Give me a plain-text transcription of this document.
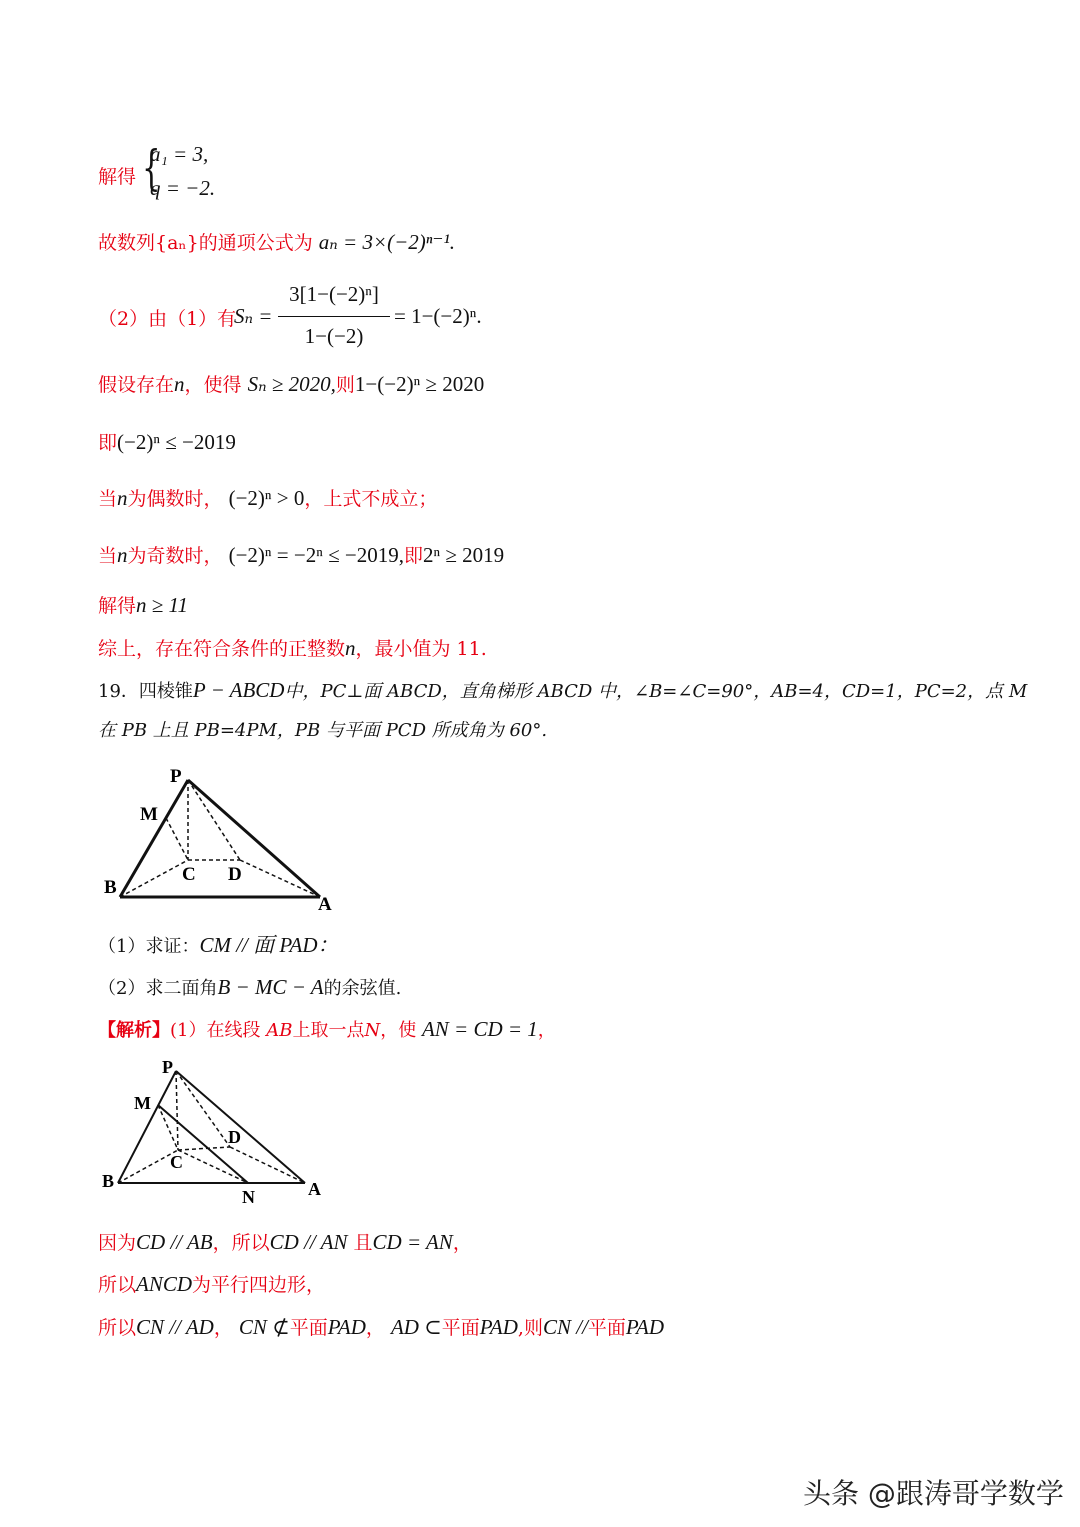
解得 {
a₁ = 3,
q = −2.
故数列{aₙ}的通项公式为 aₙ = 3×(−2)ⁿ⁻¹.
（2）由（1）有
Sₙ =
3[1−(−2)ⁿ]
1−(−2)
= 1−(−2)ⁿ.
假设存在n，使得 Sₙ ≥ 2020,则1−(−2)ⁿ ≥ 2020
即(−2)ⁿ ≤ −2019
当n为偶数时， (−2)ⁿ > 0，上式不成立；
当n为奇数时， (−2)ⁿ = −2ⁿ ≤ −2019,即2ⁿ ≥ 2019
解得n ≥ 11
综上，存在符合条件的正整数n，最小值为 11.
19．四棱锥P − ABCD中，PC⊥面 ABCD，直角梯形 ABCD 中，∠B=∠C=90°，AB=4，CD=1，PC=2，点 M
在 PB 上且 PB=4PM，PB 与平面 PCD 所成角为 60°.
P
M
B
C D
A
（1）求证：CM // 面 PAD：
（2）求二面角B − MC − A的余弦值.
【解析】(1）在线段 AB上取一点N，使 AN = CD = 1，
P
M
B
C
D
A
N
因为CD // AB，所以CD // AN 且CD = AN，
所以ANCD为平行四边形，
所以CN // AD， CN ⊄平面PAD， AD ⊂平面PAD,则CN //平面PAD
头条 @跟涛哥学数学
